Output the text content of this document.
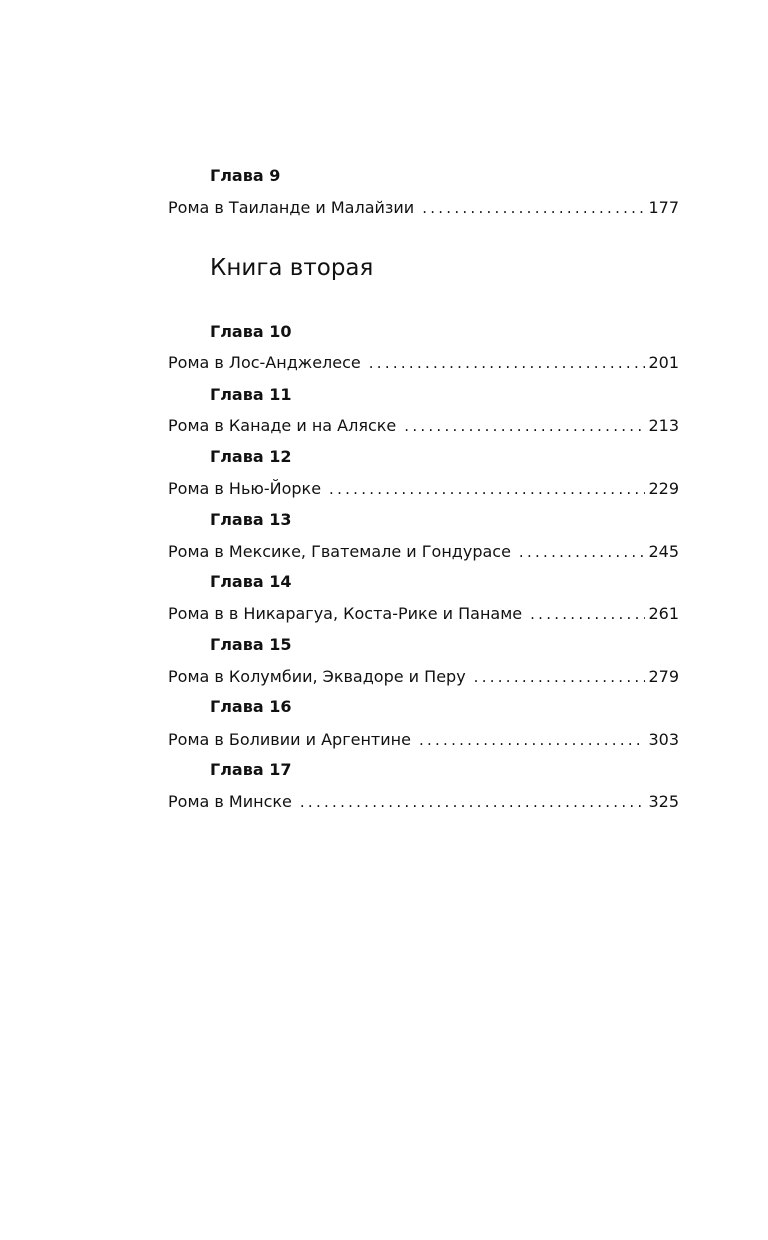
Глава 9
Рома в Таиланде и Малайзии . . .	177
Книга вторая
Глава 10
Рома в Лос-Анджелесе . . .	201
Глава 11
Рома в Канаде и на Аляске . . .	213
Глава 12
Рома в Нью-Йорке . . .	229
Глава 13
Рома в Мексике, Гватемале и Гондурасе . . .	245
Глава 14
Рома в в Никарагуа, Коста-Рике и Панаме . . .	261
Глава 15
Рома в Колумбии, Эквадоре и Перу . . .	279
Глава 16
Рома в Боливии и Аргентине . . .	303
Глава 17
Рома в Минске . . .	325
